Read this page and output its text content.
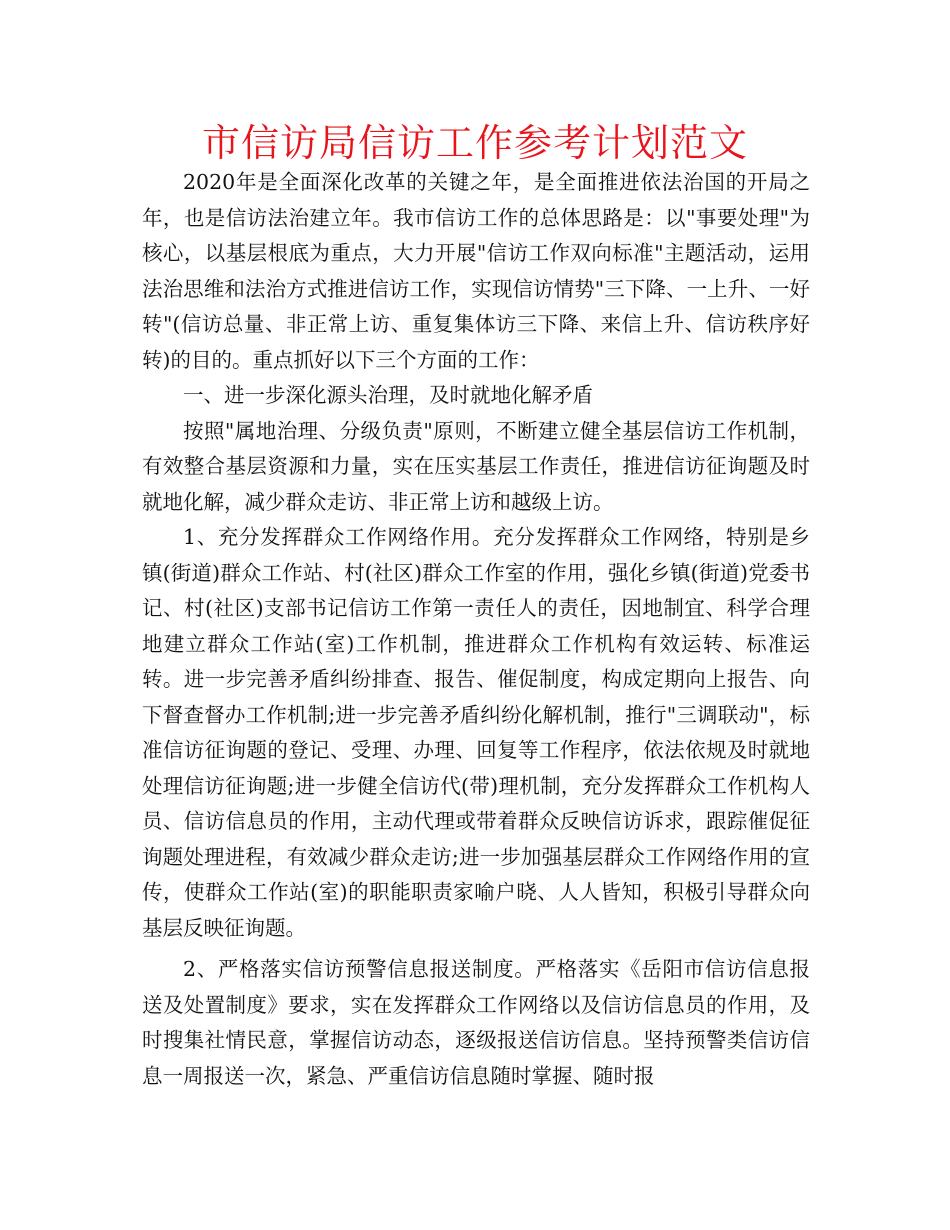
市信访局信访工作参考计划范文

2020年是全面深化改革的关键之年，是全面推进依法治国的开局之年，也是信访法治建立年。我市信访工作的总体思路是：以"事要处理"为核心，以基层根底为重点，大力开展"信访工作双向标准"主题活动，运用法治思维和法治方式推进信访工作，实现信访情势"三下降、一上升、一好转"(信访总量、非正常上访、重复集体访三下降、来信上升、信访秩序好转)的目的。重点抓好以下三个方面的工作：

一、进一步深化源头治理，及时就地化解矛盾

按照"属地治理、分级负责"原则，不断建立健全基层信访工作机制，有效整合基层资源和力量，实在压实基层工作责任，推进信访征询题及时就地化解，减少群众走访、非正常上访和越级上访。

1、充分发挥群众工作网络作用。充分发挥群众工作网络，特别是乡镇(街道)群众工作站、村(社区)群众工作室的作用，强化乡镇(街道)党委书记、村(社区)支部书记信访工作第一责任人的责任，因地制宜、科学合理地建立群众工作站(室)工作机制，推进群众工作机构有效运转、标准运转。进一步完善矛盾纠纷排查、报告、催促制度，构成定期向上报告、向下督查督办工作机制;进一步完善矛盾纠纷化解机制，推行"三调联动"，标准信访征询题的登记、受理、办理、回复等工作程序，依法依规及时就地处理信访征询题;进一步健全信访代(带)理机制，充分发挥群众工作机构人员、信访信息员的作用，主动代理或带着群众反映信访诉求，跟踪催促征询题处理进程，有效减少群众走访;进一步加强基层群众工作网络作用的宣传，使群众工作站(室)的职能职责家喻户晓、人人皆知，积极引导群众向基层反映征询题。

2、严格落实信访预警信息报送制度。严格落实《岳阳市信访信息报送及处置制度》要求，实在发挥群众工作网络以及信访信息员的作用，及时搜集社情民意，掌握信访动态，逐级报送信访信息。坚持预警类信访信息一周报送一次，紧急、严重信访信息随时掌握、随时报
